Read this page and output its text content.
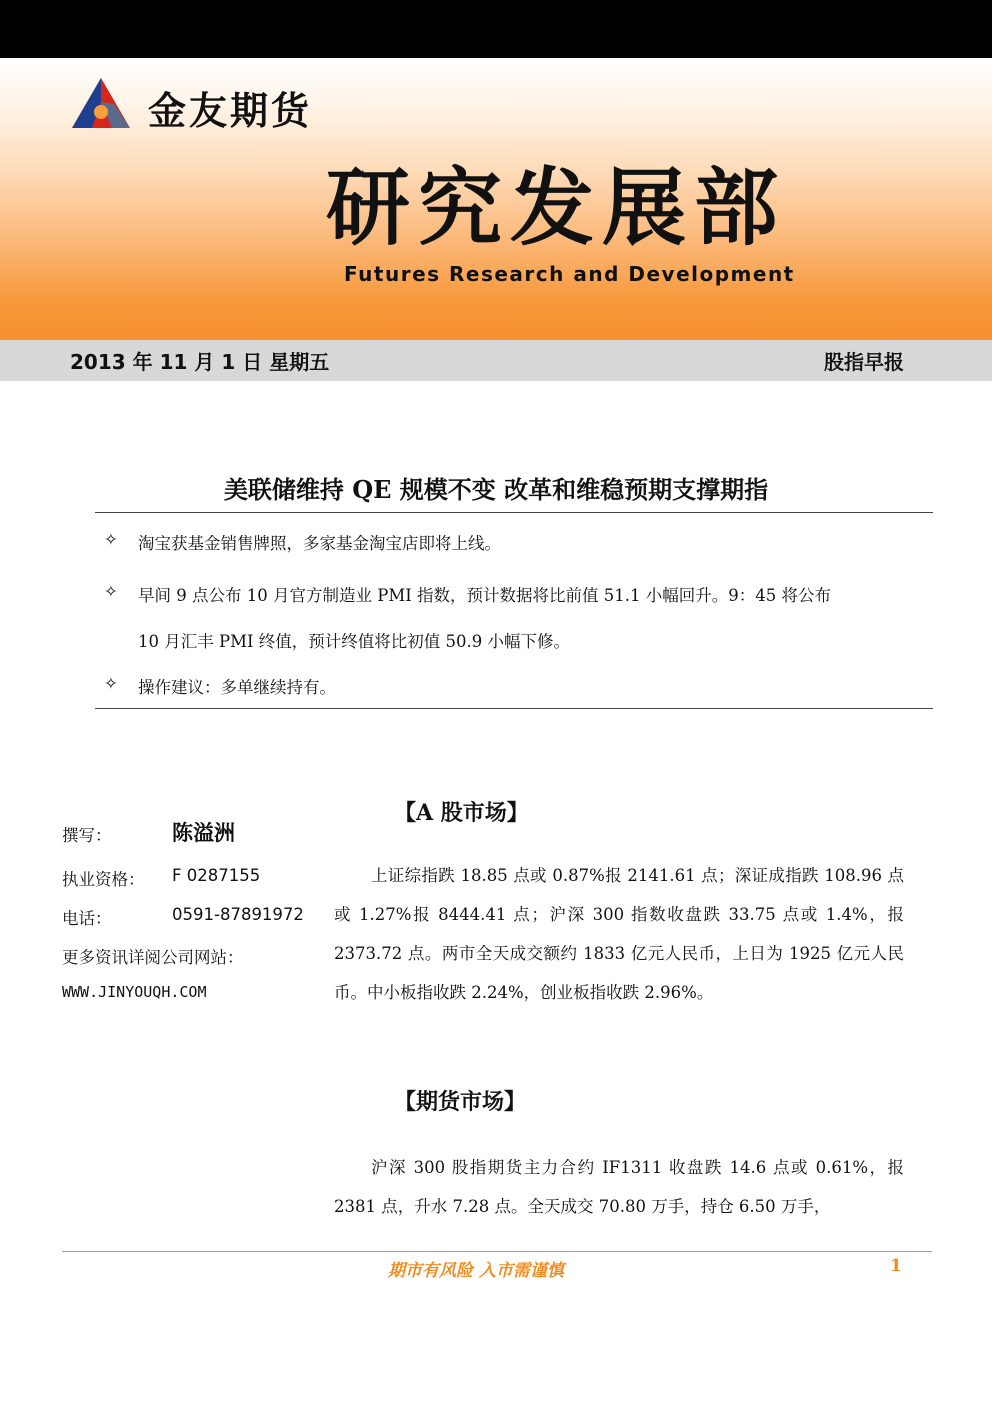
金友期货
研究发展部
Futures Research and Development
2013 年 11 月 1 日 星期五	股指早报
美联储维持 QE 规模不变 改革和维稳预期支撑期指
✧ 淘宝获基金销售牌照，多家基金淘宝店即将上线。
✧ 早间 9 点公布 10 月官方制造业 PMI 指数，预计数据将比前值 51.1 小幅回升。9：45 将公布
10 月汇丰 PMI 终值，预计终值将比初值 50.9 小幅下修。
✧ 操作建议：多单继续持有。
撰写：	陈溢洲
执业资格： F 0287155
电话：	0591-87891972
更多资讯详阅公司网站：
WWW.JINYOUQH.COM
【A 股市场】
上证综指跌 18.85 点或 0.87%报 2141.61 点；深证成指跌 108.96 点或 1.27%报 8444.41 点；沪深 300 指数收盘跌 33.75 点或 1.4%，报 2373.72 点。两市全天成交额约 1833 亿元人民币，上日为 1925 亿元人民币。中小板指收跌 2.24%，创业板指收跌 2.96%。
【期货市场】
沪深 300 股指期货主力合约 IF1311 收盘跌 14.6 点或 0.61%，报 2381 点，升水 7.28 点。全天成交 70.80 万手，持仓 6.50 万手，
期市有风险 入市需谨慎	1
